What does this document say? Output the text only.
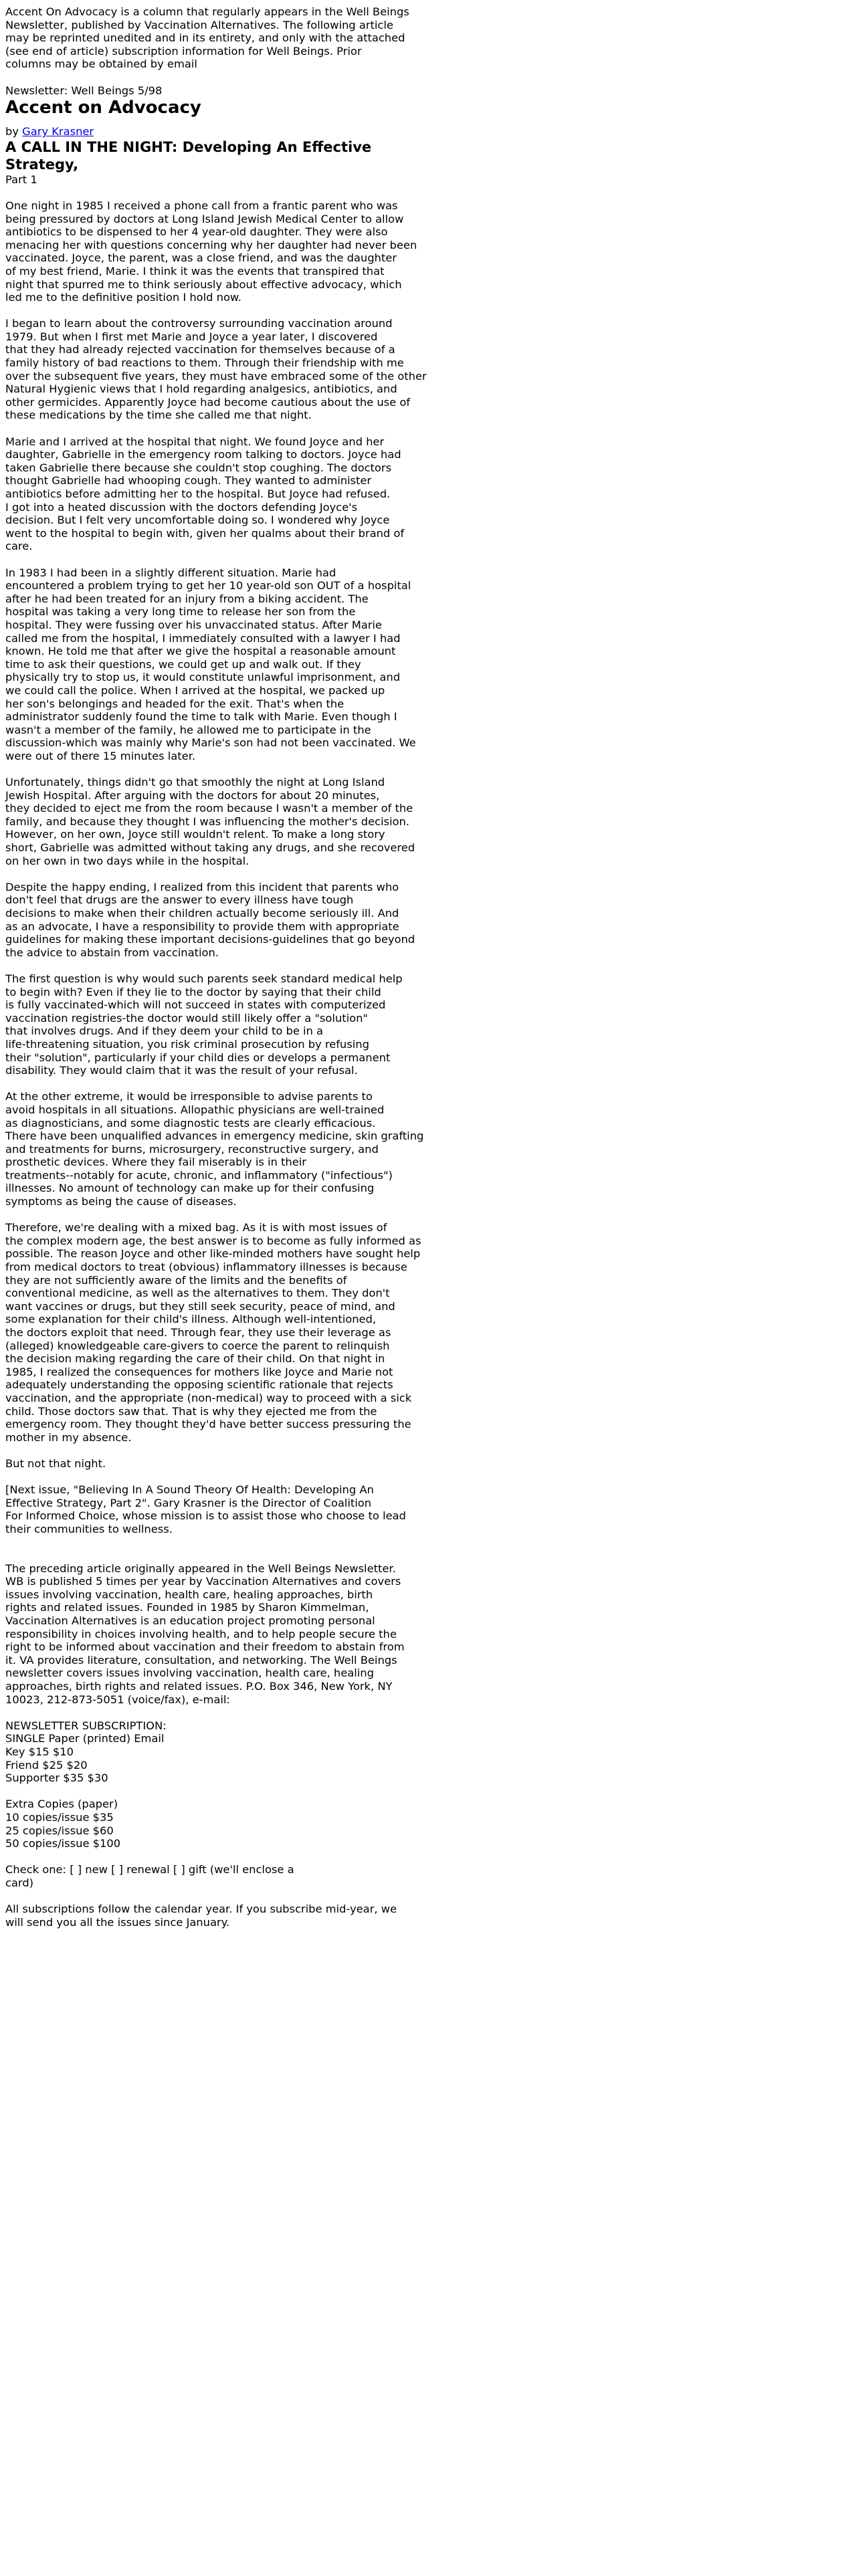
Accent On Advocacy is a column that regularly appears in the Well Beings
Newsletter, published by Vaccination Alternatives. The following article
may be reprinted unedited and in its entirety, and only with the attached
(see end of article) subscription information for Well Beings. Prior
columns may be obtained by email

Newsletter: Well Beings 5/98

Accent on Advocacy

by Gary Krasner

A CALL IN THE NIGHT: Developing An Effective Strategy,

Part 1

One night in 1985 I received a phone call from a frantic parent who was
being pressured by doctors at Long Island Jewish Medical Center to allow
antibiotics to be dispensed to her 4 year-old daughter. They were also
menacing her with questions concerning why her daughter had never been
vaccinated. Joyce, the parent, was a close friend, and was the daughter
of my best friend, Marie. I think it was the events that transpired that
night that spurred me to think seriously about effective advocacy, which
led me to the definitive position I hold now.

I began to learn about the controversy surrounding vaccination around
1979. But when I first met Marie and Joyce a year later, I discovered
that they had already rejected vaccination for themselves because of a
family history of bad reactions to them. Through their friendship with me
over the subsequent five years, they must have embraced some of the other
Natural Hygienic views that I hold regarding analgesics, antibiotics, and
other germicides. Apparently Joyce had become cautious about the use of
these medications by the time she called me that night.

Marie and I arrived at the hospital that night. We found Joyce and her
daughter, Gabrielle in the emergency room talking to doctors. Joyce had
taken Gabrielle there because she couldn't stop coughing. The doctors
thought Gabrielle had whooping cough. They wanted to administer
antibiotics before admitting her to the hospital. But Joyce had refused.
I got into a heated discussion with the doctors defending Joyce's
decision. But I felt very uncomfortable doing so. I wondered why Joyce
went to the hospital to begin with, given her qualms about their brand of
care.

In 1983 I had been in a slightly different situation. Marie had
encountered a problem trying to get her 10 year-old son OUT of a hospital
after he had been treated for an injury from a biking accident. The
hospital was taking a very long time to release her son from the
hospital. They were fussing over his unvaccinated status. After Marie
called me from the hospital, I immediately consulted with a lawyer I had
known. He told me that after we give the hospital a reasonable amount
time to ask their questions, we could get up and walk out. If they
physically try to stop us, it would constitute unlawful imprisonment, and
we could call the police. When I arrived at the hospital, we packed up
her son's belongings and headed for the exit. That's when the
administrator suddenly found the time to talk with Marie. Even though I
wasn't a member of the family, he allowed me to participate in the
discussion-which was mainly why Marie's son had not been vaccinated. We
were out of there 15 minutes later.

Unfortunately, things didn't go that smoothly the night at Long Island
Jewish Hospital. After arguing with the doctors for about 20 minutes,
they decided to eject me from the room because I wasn't a member of the
family, and because they thought I was influencing the mother's decision.
However, on her own, Joyce still wouldn't relent. To make a long story
short, Gabrielle was admitted without taking any drugs, and she recovered
on her own in two days while in the hospital.

Despite the happy ending, I realized from this incident that parents who
don't feel that drugs are the answer to every illness have tough
decisions to make when their children actually become seriously ill. And
as an advocate, I have a responsibility to provide them with appropriate
guidelines for making these important decisions-guidelines that go beyond
the advice to abstain from vaccination.

The first question is why would such parents seek standard medical help
to begin with? Even if they lie to the doctor by saying that their child
is fully vaccinated-which will not succeed in states with computerized
vaccination registries-the doctor would still likely offer a "solution"
that involves drugs. And if they deem your child to be in a
life-threatening situation, you risk criminal prosecution by refusing
their "solution", particularly if your child dies or develops a permanent
disability. They would claim that it was the result of your refusal.

At the other extreme, it would be irresponsible to advise parents to
avoid hospitals in all situations. Allopathic physicians are well-trained
as diagnosticians, and some diagnostic tests are clearly efficacious.
There have been unqualified advances in emergency medicine, skin grafting
and treatments for burns, microsurgery, reconstructive surgery, and
prosthetic devices. Where they fail miserably is in their
treatments--notably for acute, chronic, and inflammatory ("infectious")
illnesses. No amount of technology can make up for their confusing
symptoms as being the cause of diseases.

Therefore, we're dealing with a mixed bag. As it is with most issues of
the complex modern age, the best answer is to become as fully informed as
possible. The reason Joyce and other like-minded mothers have sought help
from medical doctors to treat (obvious) inflammatory illnesses is because
they are not sufficiently aware of the limits and the benefits of
conventional medicine, as well as the alternatives to them. They don't
want vaccines or drugs, but they still seek security, peace of mind, and
some explanation for their child's illness. Although well-intentioned,
the doctors exploit that need. Through fear, they use their leverage as
(alleged) knowledgeable care-givers to coerce the parent to relinquish
the decision making regarding the care of their child. On that night in
1985, I realized the consequences for mothers like Joyce and Marie not
adequately understanding the opposing scientific rationale that rejects
vaccination, and the appropriate (non-medical) way to proceed with a sick
child. Those doctors saw that. That is why they ejected me from the
emergency room. They thought they'd have better success pressuring the
mother in my absence.

But not that night.

[Next issue, "Believing In A Sound Theory Of Health: Developing An
Effective Strategy, Part 2". Gary Krasner is the Director of Coalition
For Informed Choice, whose mission is to assist those who choose to lead
their communities to wellness.

The preceding article originally appeared in the Well Beings Newsletter.
WB is published 5 times per year by Vaccination Alternatives and covers
issues involving vaccination, health care, healing approaches, birth
rights and related issues. Founded in 1985 by Sharon Kimmelman,
Vaccination Alternatives is an education project promoting personal
responsibility in choices involving health, and to help people secure the
right to be informed about vaccination and their freedom to abstain from
it. VA provides literature, consultation, and networking. The Well Beings
newsletter covers issues involving vaccination, health care, healing
approaches, birth rights and related issues. P.O. Box 346, New York, NY
10023, 212-873-5051 (voice/fax), e-mail:

NEWSLETTER SUBSCRIPTION:
SINGLE Paper (printed) Email
Key $15 $10
Friend $25 $20
Supporter $35 $30
Extra Copies (paper)
10 copies/issue $35
25 copies/issue $60
50 copies/issue $100

Check one: [ ] new [ ] renewal [ ] gift (we'll enclose a
card)

All subscriptions follow the calendar year. If you subscribe mid-year, we
will send you all the issues since January.
